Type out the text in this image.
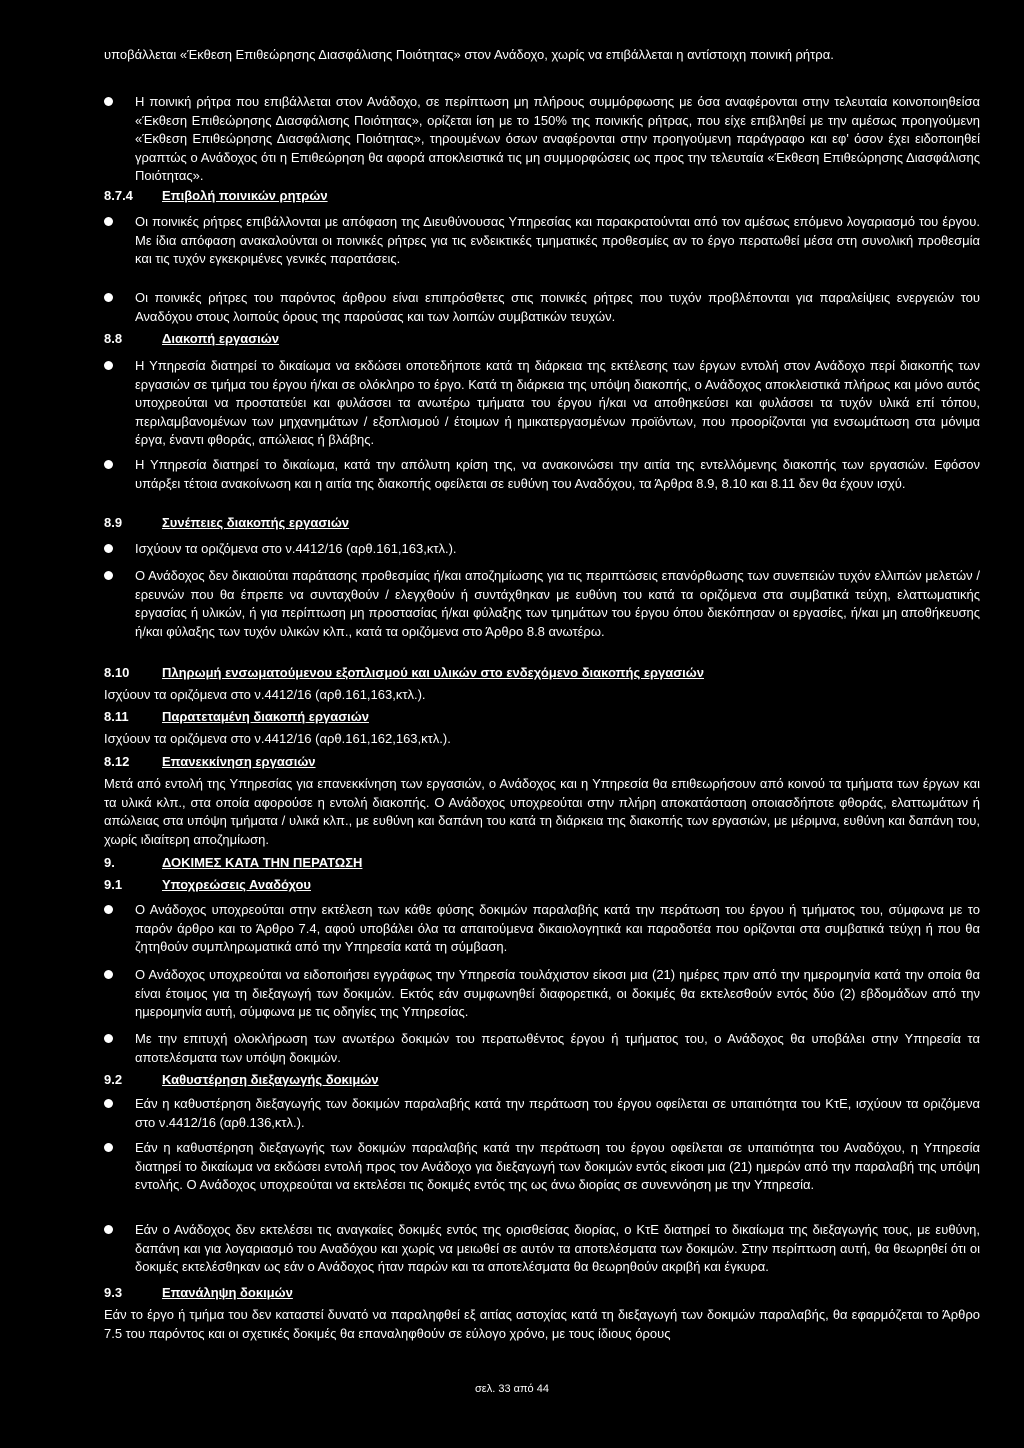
υποβάλλεται «Έκθεση Επιθεώρησης Διασφάλισης Ποιότητας» στον Ανάδοχο, χωρίς να επιβάλλεται η αντίστοιχη ποινική ρήτρα.
Η ποινική ρήτρα που επιβάλλεται στον Ανάδοχο, σε περίπτωση μη πλήρους συμμόρφωσης με όσα αναφέρονται στην τελευταία κοινοποιηθείσα «Έκθεση Επιθεώρησης Διασφάλισης Ποιότητας», ορίζεται ίση με το 150% της ποινικής ρήτρας, που είχε επιβληθεί με την αμέσως προηγούμενη «Έκθεση Επιθεώρησης Διασφάλισης Ποιότητας», τηρουμένων όσων αναφέρονται στην προηγούμενη παράγραφο και εφ' όσον έχει ειδοποιηθεί γραπτώς ο Ανάδοχος ότι η Επιθεώρηση θα αφορά αποκλειστικά τις μη συμμορφώσεις ως προς την τελευταία «Έκθεση Επιθεώρησης Διασφάλισης Ποιότητας».
8.7.4 Επιβολή ποινικών ρητρών
Οι ποινικές ρήτρες επιβάλλονται με απόφαση της Διευθύνουσας Υπηρεσίας και παρακρατούνται από τον αμέσως επόμενο λογαριασμό του έργου. Με ίδια απόφαση ανακαλούνται οι ποινικές ρήτρες για τις ενδεικτικές τμηματικές προθεσμίες αν το έργο περατωθεί μέσα στη συνολική προθεσμία και τις τυχόν εγκεκριμένες γενικές παρατάσεις.
Οι ποινικές ρήτρες του παρόντος άρθρου είναι επιπρόσθετες στις ποινικές ρήτρες που τυχόν προβλέπονται για παραλείψεις ενεργειών του Αναδόχου στους λοιπούς όρους της παρούσας και των λοιπών συμβατικών τευχών.
8.8	Διακοπή εργασιών
Η Υπηρεσία διατηρεί το δικαίωμα να εκδώσει οποτεδήποτε κατά τη διάρκεια της εκτέλεσης των έργων εντολή στον Ανάδοχο περί διακοπής των εργασιών σε τμήμα του έργου ή/και σε ολόκληρο το έργο. Κατά τη διάρκεια της υπόψη διακοπής, ο Ανάδοχος αποκλειστικά πλήρως και μόνο αυτός υποχρεούται να προστατεύει και φυλάσσει τα ανωτέρω τμήματα του έργου ή/και να αποθηκεύσει και φυλάσσει τα τυχόν υλικά επί τόπου, περιλαμβανομένων των μηχανημάτων / εξοπλισμού / έτοιμων ή ημικατεργασμένων προϊόντων, που προορίζονται για ενσωμάτωση στα μόνιμα έργα, έναντι φθοράς, απώλειας ή βλάβης.
Η Υπηρεσία διατηρεί το δικαίωμα, κατά την απόλυτη κρίση της, να ανακοινώσει την αιτία της εντελλόμενης διακοπής των εργασιών. Εφόσον υπάρξει τέτοια ανακοίνωση και η αιτία της διακοπής οφείλεται σε ευθύνη του Αναδόχου, τα Άρθρα 8.9, 8.10 και 8.11 δεν θα έχουν ισχύ.
8.9	Συνέπειες διακοπής εργασιών
Ισχύουν τα οριζόμενα στο ν.4412/16 (αρθ.161,163,κτλ.).
Ο Ανάδοχος δεν δικαιούται παράτασης προθεσμίας ή/και αποζημίωσης για τις περιπτώσεις επανόρθωσης των συνεπειών τυχόν ελλιπών μελετών / ερευνών που θα έπρεπε να συνταχθούν / ελεγχθούν ή συντάχθηκαν με ευθύνη του κατά τα οριζόμενα στα συμβατικά τεύχη, ελαττωματικής εργασίας ή υλικών, ή για περίπτωση μη προστασίας ή/και φύλαξης των τμημάτων του έργου όπου διεκόπησαν οι εργασίες, ή/και μη αποθήκευσης ή/και φύλαξης των τυχόν υλικών κλπ., κατά τα οριζόμενα στο Άρθρο 8.8 ανωτέρω.
8.10	Πληρωμή ενσωματούμενου εξοπλισμού και υλικών στο ενδεχόμενο διακοπής εργασιών
Ισχύουν τα οριζόμενα στο ν.4412/16 (αρθ.161,163,κτλ.).
8.11	Παρατεταμένη διακοπή εργασιών
Ισχύουν τα οριζόμενα στο ν.4412/16 (αρθ.161,162,163,κτλ.).
8.12	Επανεκκίνηση εργασιών
Μετά από εντολή της Υπηρεσίας για επανεκκίνηση των εργασιών, ο Ανάδοχος και η Υπηρεσία θα επιθεωρήσουν από κοινού τα τμήματα των έργων και τα υλικά κλπ., στα οποία αφορούσε η εντολή διακοπής. Ο Ανάδοχος υποχρεούται στην πλήρη αποκατάσταση οποιασδήποτε φθοράς, ελαττωμάτων ή απώλειας στα υπόψη τμήματα / υλικά κλπ., με ευθύνη και δαπάνη του κατά τη διάρκεια της διακοπής των εργασιών, με μέριμνα, ευθύνη και δαπάνη του, χωρίς ιδιαίτερη αποζημίωση.
9.	ΔΟΚΙΜΕΣ ΚΑΤΑ ΤΗΝ ΠΕΡΑΤΩΣΗ
9.1	Υποχρεώσεις Αναδόχου
Ο Ανάδοχος υποχρεούται στην εκτέλεση των κάθε φύσης δοκιμών παραλαβής κατά την περάτωση του έργου ή τμήματος του, σύμφωνα με το παρόν άρθρο και το Άρθρο 7.4, αφού υποβάλει όλα τα απαιτούμενα δικαιολογητικά και παραδοτέα που ορίζονται στα συμβατικά τεύχη ή που θα ζητηθούν συμπληρωματικά από την Υπηρεσία κατά τη σύμβαση.
Ο Ανάδοχος υποχρεούται να ειδοποιήσει εγγράφως την Υπηρεσία τουλάχιστον είκοσι μια (21) ημέρες πριν από την ημερομηνία κατά την οποία θα είναι έτοιμος για τη διεξαγωγή των δοκιμών. Εκτός εάν συμφωνηθεί διαφορετικά, οι δοκιμές θα εκτελεσθούν εντός δύο (2) εβδομάδων από την ημερομηνία αυτή, σύμφωνα με τις οδηγίες της Υπηρεσίας.
Με την επιτυχή ολοκλήρωση των ανωτέρω δοκιμών του περατωθέντος έργου ή τμήματος του, ο Ανάδοχος θα υποβάλει στην Υπηρεσία τα αποτελέσματα των υπόψη δοκιμών.
9.2	Καθυστέρηση διεξαγωγής δοκιμών
Εάν η καθυστέρηση διεξαγωγής των δοκιμών παραλαβής κατά την περάτωση του έργου οφείλεται σε υπαιτιότητα του ΚτΕ, ισχύουν τα οριζόμενα στο ν.4412/16 (αρθ.136,κτλ.).
Εάν η καθυστέρηση διεξαγωγής των δοκιμών παραλαβής κατά την περάτωση του έργου οφείλεται σε υπαιτιότητα του Αναδόχου, η Υπηρεσία διατηρεί το δικαίωμα να εκδώσει εντολή προς τον Ανάδοχο για διεξαγωγή των δοκιμών εντός είκοσι μια (21) ημερών από την παραλαβή της υπόψη εντολής. Ο Ανάδοχος υποχρεούται να εκτελέσει τις δοκιμές εντός της ως άνω διορίας σε συνεννόηση με την Υπηρεσία.
Εάν ο Ανάδοχος δεν εκτελέσει τις αναγκαίες δοκιμές εντός της ορισθείσας διορίας, ο ΚτΕ διατηρεί το δικαίωμα της διεξαγωγής τους, με ευθύνη, δαπάνη και για λογαριασμό του Αναδόχου και χωρίς να μειωθεί σε αυτόν τα αποτελέσματα των δοκιμών. Στην περίπτωση αυτή, θα θεωρηθεί ότι οι δοκιμές εκτελέσθηκαν ως εάν ο Ανάδοχος ήταν παρών και τα αποτελέσματα θα θεωρηθούν ακριβή και έγκυρα.
9.3	Επανάληψη δοκιμών
Εάν το έργο ή τμήμα του δεν καταστεί δυνατό να παραληφθεί εξ αιτίας αστοχίας κατά τη διεξαγωγή των δοκιμών παραλαβής, θα εφαρμόζεται το Άρθρο 7.5 του παρόντος και οι σχετικές δοκιμές θα επαναληφθούν σε εύλογο χρόνο, με τους ίδιους όρους
σελ. 33 από 44
